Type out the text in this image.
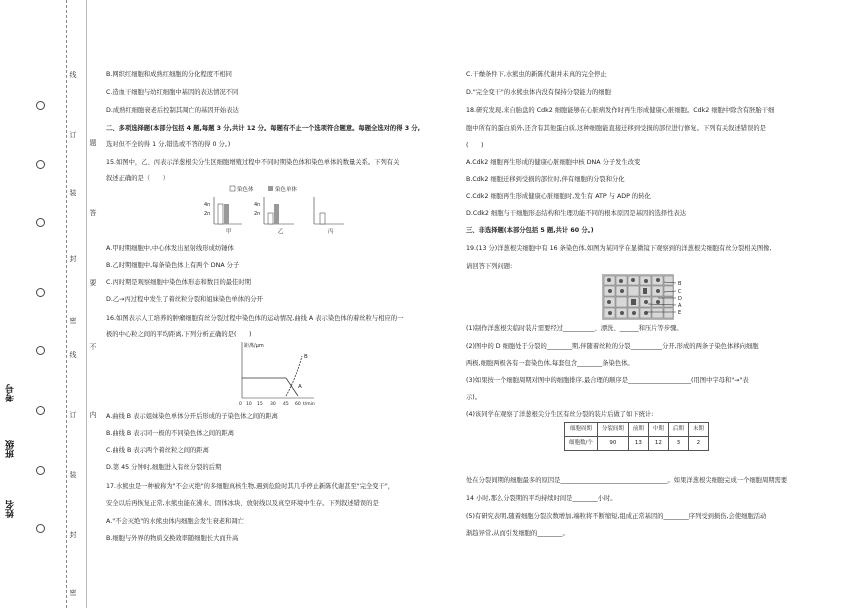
线
订
题
装
答
封
要
密
不
线
内
订
装
封
密
考号
班级
姓名
B.网织红细胞和成熟红细胞的分化程度不相同
C.造血干细胞与幼红细胞中基因的表达情况不同
D.成熟红细胞衰老后控制其凋亡的基因开始表达
二、多项选择题(本部分包括 4 题,每题 3 分,共计 12 分。每题有不止一个选项符合题意。每题全选对的得 3 分,
选对但不全的得 1 分,错选或不答的得 0 分。)
15.如图中，乙、丙表示洋葱根尖分生区细胞增殖过程中不同时期染色体和染色单体的数量关系。下列有关
叙述正确的是（　　）
染色体	染色单体
4n
2n
甲
4n
2n
乙	丙
A.甲时期细胞中,中心体发出星射线形成纺锤体
B.乙时期细胞中,每条染色体上有两个 DNA 分子
C.丙时期是观察细胞中染色体形态和数目的最佳时期
D.乙→丙过程中发生了着丝粒分裂和姐妹染色单体的分开
16.如图表示人工培养的肿瘤细胞有丝分裂过程中染色体的运动情况,曲线 A 表示染色体的着丝粒与相应的一
极的中心粒之间的平均距离,下列分析正确的是(　　)
距离/μm
B
A
0 10 15 30 45 60 t/min
A.曲线 B 表示姐妹染色单体分开后形成的子染色体之间的距离
B.曲线 B 表示同一极的不同染色体之间的距离
C.曲线 B 表示两个着丝粒之间的距离
D.第 45 分钟时,细胞进入有丝分裂的后期
17.水熊虫是一种被称为"不会灭绝"的多细胞真核生物,遇到危险时其几乎停止新陈代谢甚至"完全变干"，
安全以后再恢复正常,水熊虫能在沸水、固体冰块、放射线以及真空环境中生存。下列叙述错误的是
A."不会灭绝"的水熊虫体内细胞会发生衰老和凋亡
B.细胞与外界的物质交换效率随细胞长大而升高
C.干燥条件下,水熊虫的新陈代谢并未真的完全停止
D."完全变干"的水熊虫体内没有保持分裂能力的细胞
18.研究发现,来自胎盘的 Cdk2 细胞能够在心脏病发作时再生形成健康心脏细胞。Cdk2 细胞中除含有胚胎干细
胞中所有的蛋白质外,还含有其他蛋白质,这种细胞能直接迁移到受损的部位进行修复。下列有关叙述错误的是
(　　)
A.Cdk2 细胞再生形成的健康心脏细胞中核 DNA 分子发生改变
B.Cdk2 细胞迁移到受损的部位时,伴有细胞的分裂和分化
C.Cdk2 细胞再生形成健康心脏细胞时,发生有 ATP 与 ADP 的转化
D.Cdk2 细胞与干细胞形态结构和生理功能不同的根本原因是基因的选择性表达
三、非选择题(本部分包括 5 题,共计 60 分。)
19.(13 分)洋葱根尖细胞中有 16 条染色体,如图为某同学在显微镜下观察到的洋葱根尖细胞有丝分裂相关图像,
请回答下列问题:
B
C
D
A
E
(1)制作洋葱根尖临时装片需要经过__________、漂洗、______和压片等步骤。
(2)图中的 D 细胞处于分裂的________期,伴随着丝粒的分裂__________分开,形成的两条子染色体移向细胞
两极,细胞两极各有一套染色体,每套包含________条染色体。
(3)如果按一个细胞周期对图中的细胞排序,最合理的顺序是____________________(用图中字母和"→"表
示)。
(4)该同学在观察了洋葱根尖分生区有丝分裂的装片后做了如下统计:
细胞周期	分裂间期	前期	中期	后期	末期
细胞数/个	90	13	12	3	2
处在分裂间期的细胞最多的原因是__________________________________。如果洋葱根尖细胞完成一个细胞周期需要
14 小时,那么分裂期的平均持续时间是________小时。
(5)有研究表明,随着细胞分裂次数增加,端粒将不断缩短,组成正常基因的________序列受到损伤,会使细胞活动
渐趋异常,从而引发细胞的________。
